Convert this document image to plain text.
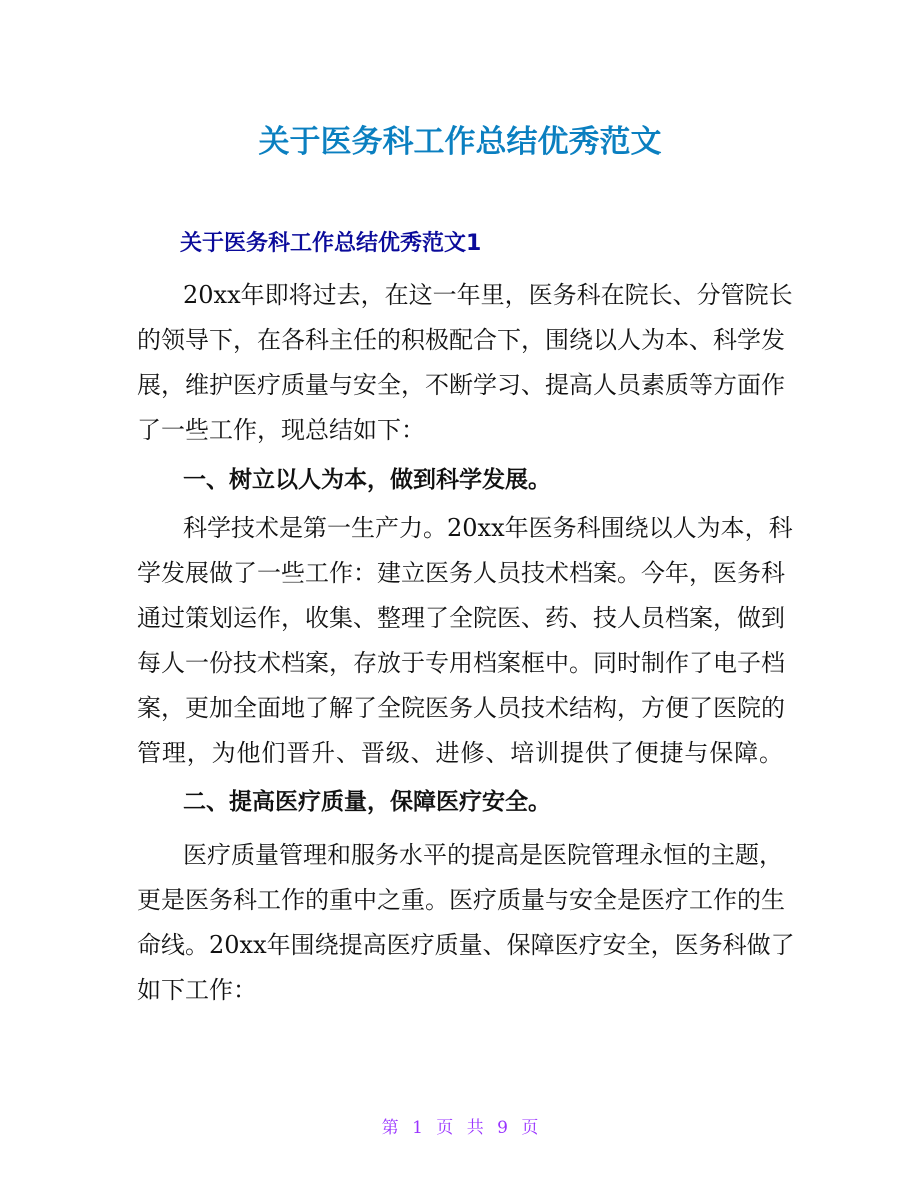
关于医务科工作总结优秀范文
关于医务科工作总结优秀范文1
20xx年即将过去，在这一年里，医务科在院长、分管院长
的领导下，在各科主任的积极配合下，围绕以人为本、科学发
展，维护医疗质量与安全，不断学习、提高人员素质等方面作
了一些工作，现总结如下：
一、树立以人为本，做到科学发展。
科学技术是第一生产力。20xx年医务科围绕以人为本，科
学发展做了一些工作：建立医务人员技术档案。今年，医务科
通过策划运作，收集、整理了全院医、药、技人员档案，做到
每人一份技术档案，存放于专用档案框中。同时制作了电子档
案，更加全面地了解了全院医务人员技术结构，方便了医院的
管理，为他们晋升、晋级、进修、培训提供了便捷与保障。
二、提高医疗质量，保障医疗安全。
医疗质量管理和服务水平的提高是医院管理永恒的主题，
更是医务科工作的重中之重。医疗质量与安全是医疗工作的生
命线。20xx年围绕提高医疗质量、保障医疗安全，医务科做了
如下工作：
第 1 页 共 9 页
